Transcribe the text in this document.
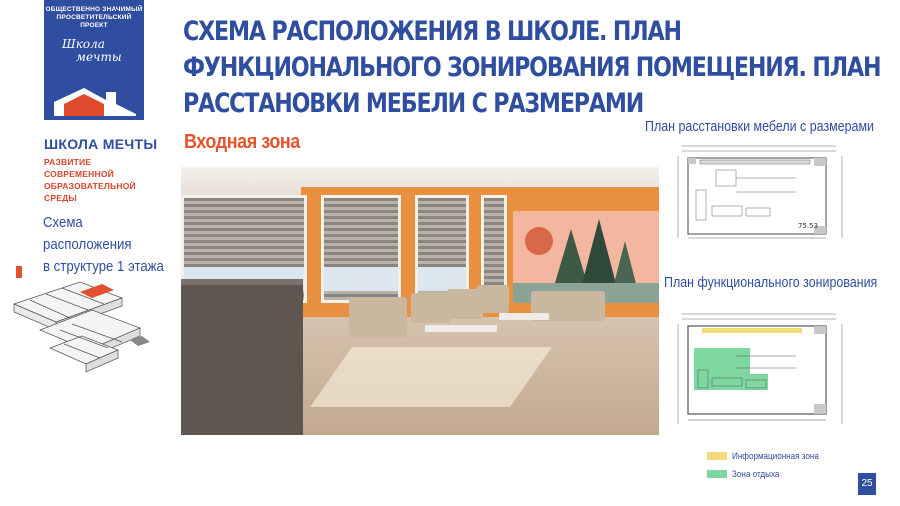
ОБЩЕСТВЕННО ЗНАЧИМЫЙ
ПРОСВЕТИТЕЛЬСКИЙ ПРОЕКТ
Школа
мечты
ШКОЛА МЕЧТЫ
РАЗВИТИЕ СОВРЕМЕННОЙ
ОБРАЗОВАТЕЛЬНОЙ СРЕДЫ
СХЕМА РАСПОЛОЖЕНИЯ В ШКОЛЕ. ПЛАН
ФУНКЦИОНАЛЬНОГО ЗОНИРОВАНИЯ ПОМЕЩЕНИЯ. ПЛАН
РАССТАНОВКИ МЕБЕЛИ С РАЗМЕРАМИ
Входная зона
Схема расположения
в структуре 1 этажа
План расстановки мебели с размерами
75.53
План функционального зонирования
Информационная зона
Зона отдыха
25
